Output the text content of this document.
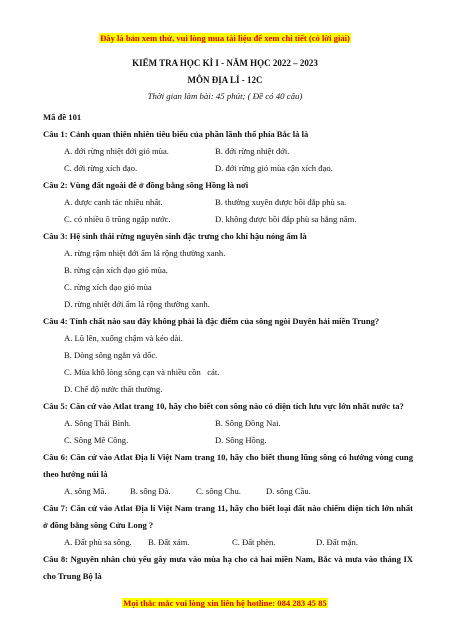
Đây là bản xem thử, vui lòng mua tài liệu để xem chi tiết (có lời giải)
KIỂM TRA HỌC KÌ I - NĂM HỌC 2022 – 2023
MÔN ĐỊA LÍ - 12C
Thời gian làm bài: 45 phút; ( Đề có 40 câu)
Mã đề 101
Câu 1: Cảnh quan thiên nhiên tiêu biểu của phần lãnh thổ phía Bắc là là
A. đới rừng nhiệt đới gió mùa.	B. đới rừng nhiệt đới.
C. đới rừng xích đạo.	D. đới rừng gió mùa cận xích đạo.
Câu 2: Vùng đất ngoài đê ở đồng bằng sông Hồng là nơi
A. được canh tác nhiều nhất.	B. thường xuyên được bồi đắp phù sa.
C. có nhiều ô trũng ngập nước.	D. không được bồi đắp phù sa hằng năm.
Câu 3: Hệ sinh thái rừng nguyên sinh đặc trưng cho khí hậu nóng ẩm là
A. rừng rậm nhiệt đới ẩm lá rộng thường xanh.
B. rừng cận xích đạo gió mùa.
C. rừng xích đạo gió mùa
D. rừng nhiệt đới ẩm lá rộng thường xanh.
Câu 4: Tính chất nào sau đây không phải là đặc điểm của sông ngòi Duyên hải miền Trung?
A. Lũ lên, xuống chậm và kéo dài.
B. Dòng sông ngắn và dốc.
C. Mùa khô lòng sông cạn và nhiều cồn   cát.
D. Chế độ nước thất thường.
Câu 5: Căn cứ vào Atlat trang 10, hãy cho biết con sông nào có diện tích lưu vực lớn nhất nước ta?
A. Sông Thái Bình.	B. Sông Đồng Nai.
C. Sông Mê Công.	D. Sông Hồng.
Câu 6: Căn cứ vào Atlat Địa lí Việt Nam trang 10, hãy cho biết thung lũng sông có hướng vòng cung theo hướng núi là
A. sông Mã.	B. sông Đà.	C. sông Chu.	D. sông Cầu.
Câu 7: Căn cứ vào Atlat Địa lí Việt Nam trang 11, hãy cho biết loại đất nào chiếm diện tích lớn nhất ở đồng bằng sông Cửu Long ?
A. Đất phù sa sông.	B. Đất xám.	C. Đất phèn.	D. Đất mặn.
Câu 8: Nguyên nhân chủ yếu gây mưa vào mùa hạ cho cả hai miền Nam, Bắc và mưa vào tháng IX cho Trung Bộ là
Mọi thắc mắc vui lòng xin liên hệ hotline: 084 283 45 85
